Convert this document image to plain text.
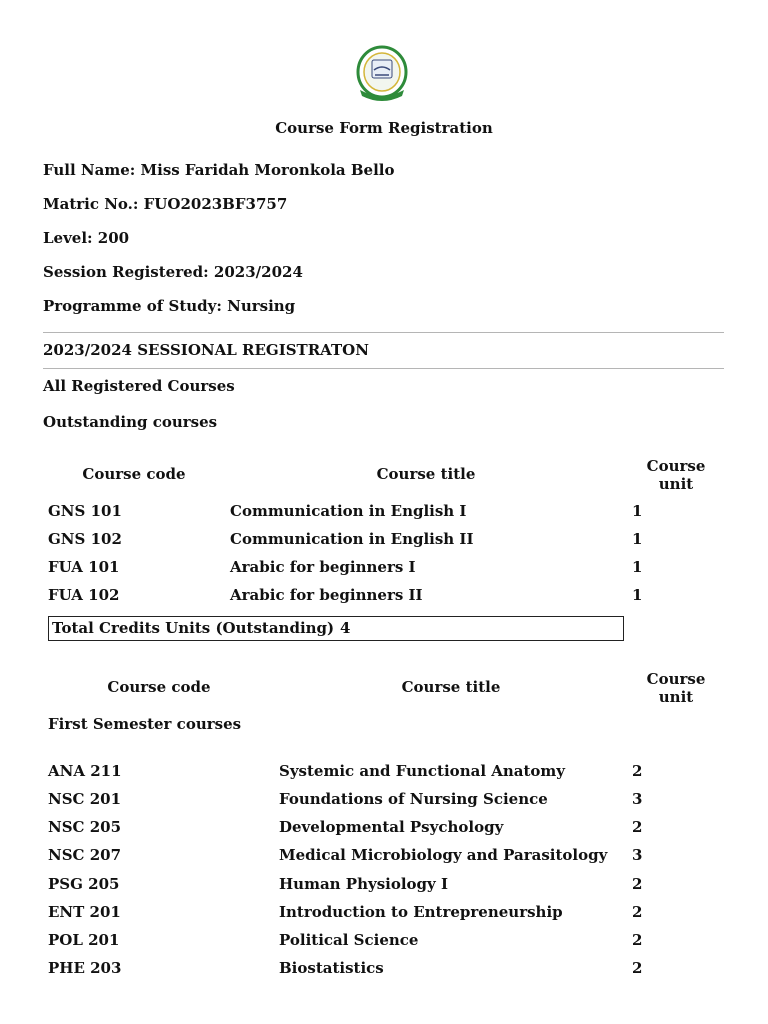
Course Form Registration
Full Name: Miss Faridah Moronkola Bello
Matric No.: FUO2023BF3757
Level: 200
Session Registered: 2023/2024
Programme of Study: Nursing
2023/2024 SESSIONAL REGISTRATON
All Registered Courses
Outstanding courses
Course code	Course title	Course
unit
GNS 101	Communication in English I	1
GNS 102	Communication in English II	1
FUA 101	Arabic for beginners I	1
FUA 102	Arabic for beginners II	1
Total Credits Units (Outstanding) 4
Course code	Course title	Course
unit
First Semester courses
ANA 211	Systemic and Functional Anatomy	2
NSC 201	Foundations of Nursing Science	3
NSC 205	Developmental Psychology	2
NSC 207	Medical Microbiology and Parasitology 3
PSG 205	Human Physiology I	2
ENT 201	Introduction to Entrepreneurship	2
POL 201	Political Science	2
PHE 203	Biostatistics	2
